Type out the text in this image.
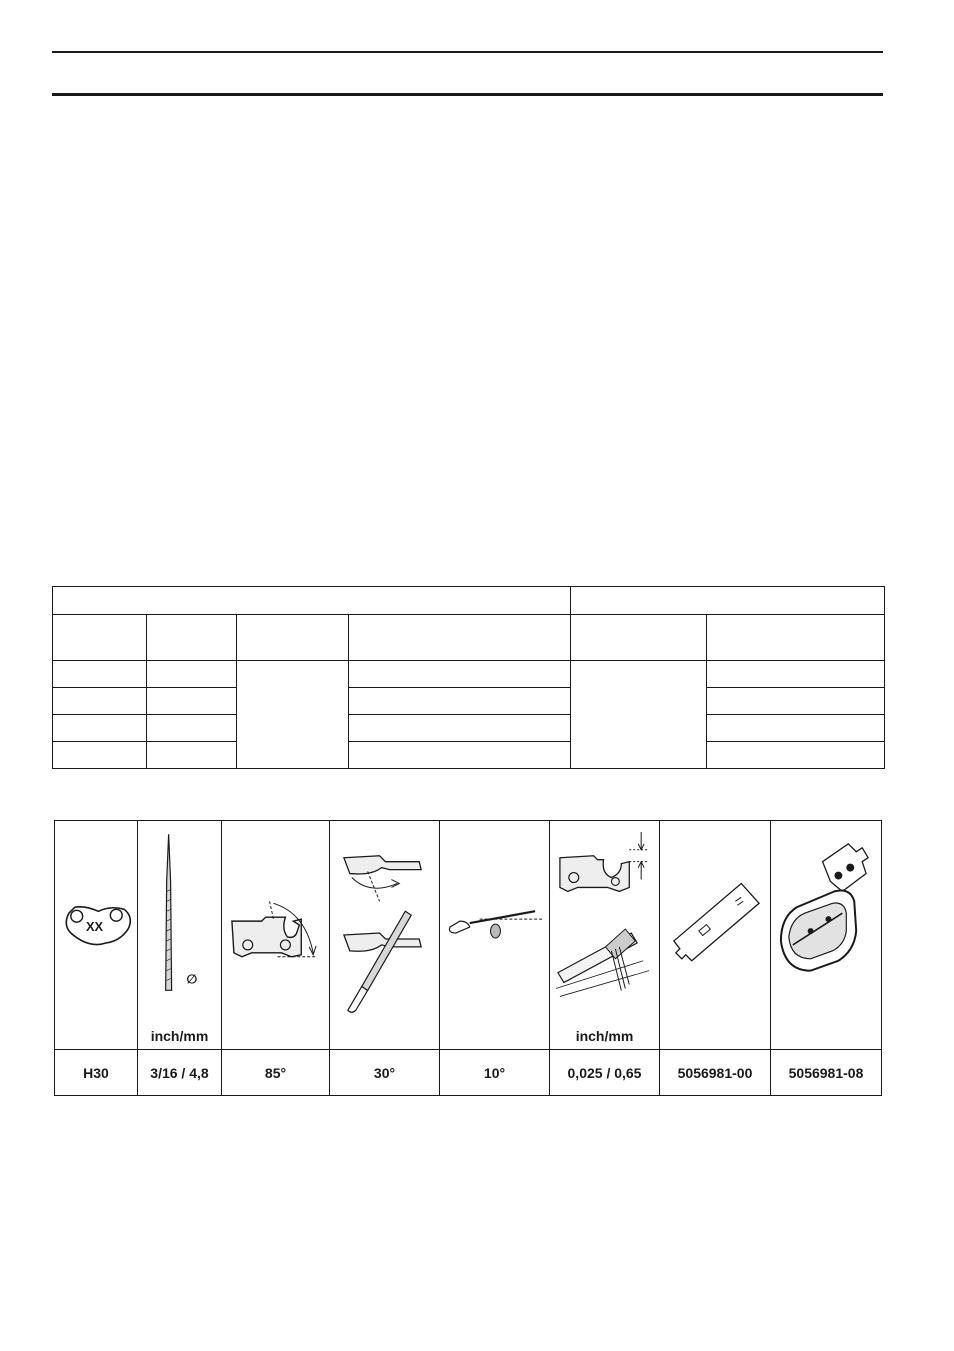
XX	∅
inch/mm				inch/mm

H30	3/16 / 4,8	85°	30°	10°	0,025 / 0,65	5056981-00	5056981-08
